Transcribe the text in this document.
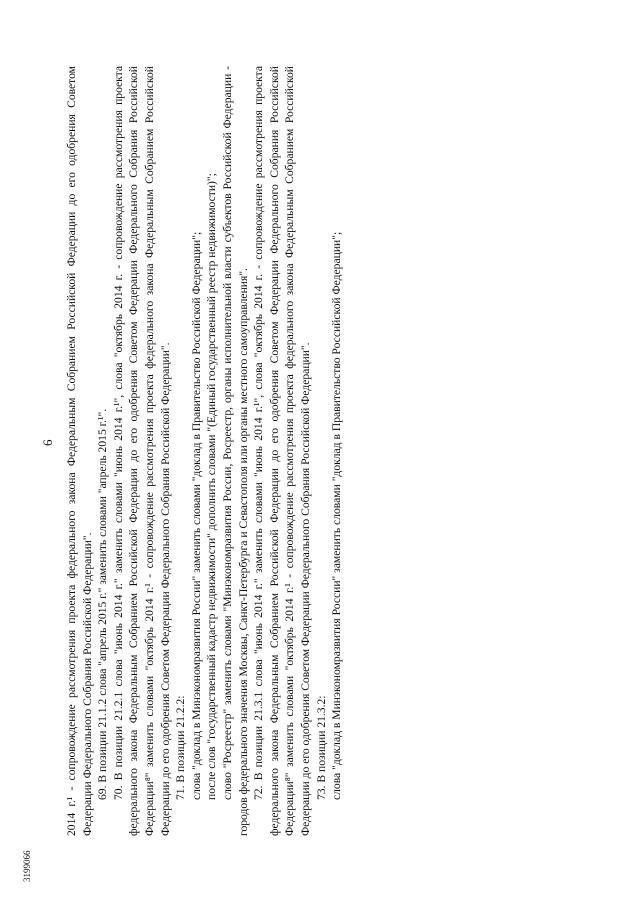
6 2014 г.¹ - сопровождение рассмотрения проекта федерального закона Федеральным Собранием Российской Федерации до его одобрения Советом Федерации Федерального Собрания Российской Федерации". 69. В позиции 21.1.2 слова "апрель 2015 г." заменить словами "апрель 2015 г.¹". 70. В позиции 21.2.1 слова "июнь 2014 г." заменить словами "июнь 2014 г.¹", слова "октябрь 2014 г. - сопровождение рассмотрения проекта федерального закона Федеральным Собранием Российской Федерации до его одобрения Советом Федерации Федерального Собрания Российской Федерации⁸" заменить словами "октябрь 2014 г.¹ - сопровождение рассмотрения проекта федерального закона Федеральным Собранием Российской Федерации до его одобрения Советом Федерации Федерального Собрания Российской Федерации". 71. В позиции 21.2.2: слова "доклад в Минэкономразвития России" заменить словами "доклад в Правительство Российской Федерации"; после слов "государственный кадастр недвижимости" дополнить словами "(Единый государственный реестр недвижимости)"; слово "Росреестр" заменить словами "Минэкономразвития России, Росреестр, органы исполнительной власти субъектов Российской Федерации - городов федерального значения Москвы, Санкт-Петербурга и Севастополя или органы местного самоуправления". 72. В позиции 21.3.1 слова "июнь 2014 г." заменить словами "июнь 2014 г.¹", слова "октябрь 2014 г. - сопровождение рассмотрения проекта федерального закона Федеральным Собранием Российской Федерации до его одобрения Советом Федерации Федерального Собрания Российской Федерации⁸" заменить словами "октябрь 2014 г.¹ - сопровождение рассмотрения проекта федерального закона Федеральным Собранием Российской Федерации до его одобрения Советом Федерации Федерального Собрания Российской Федерации". 73. В позиции 21.3.2: слова "доклад в Минэкономразвития России" заменить словами "доклад в Правительство Российской Федерации";

3199066
